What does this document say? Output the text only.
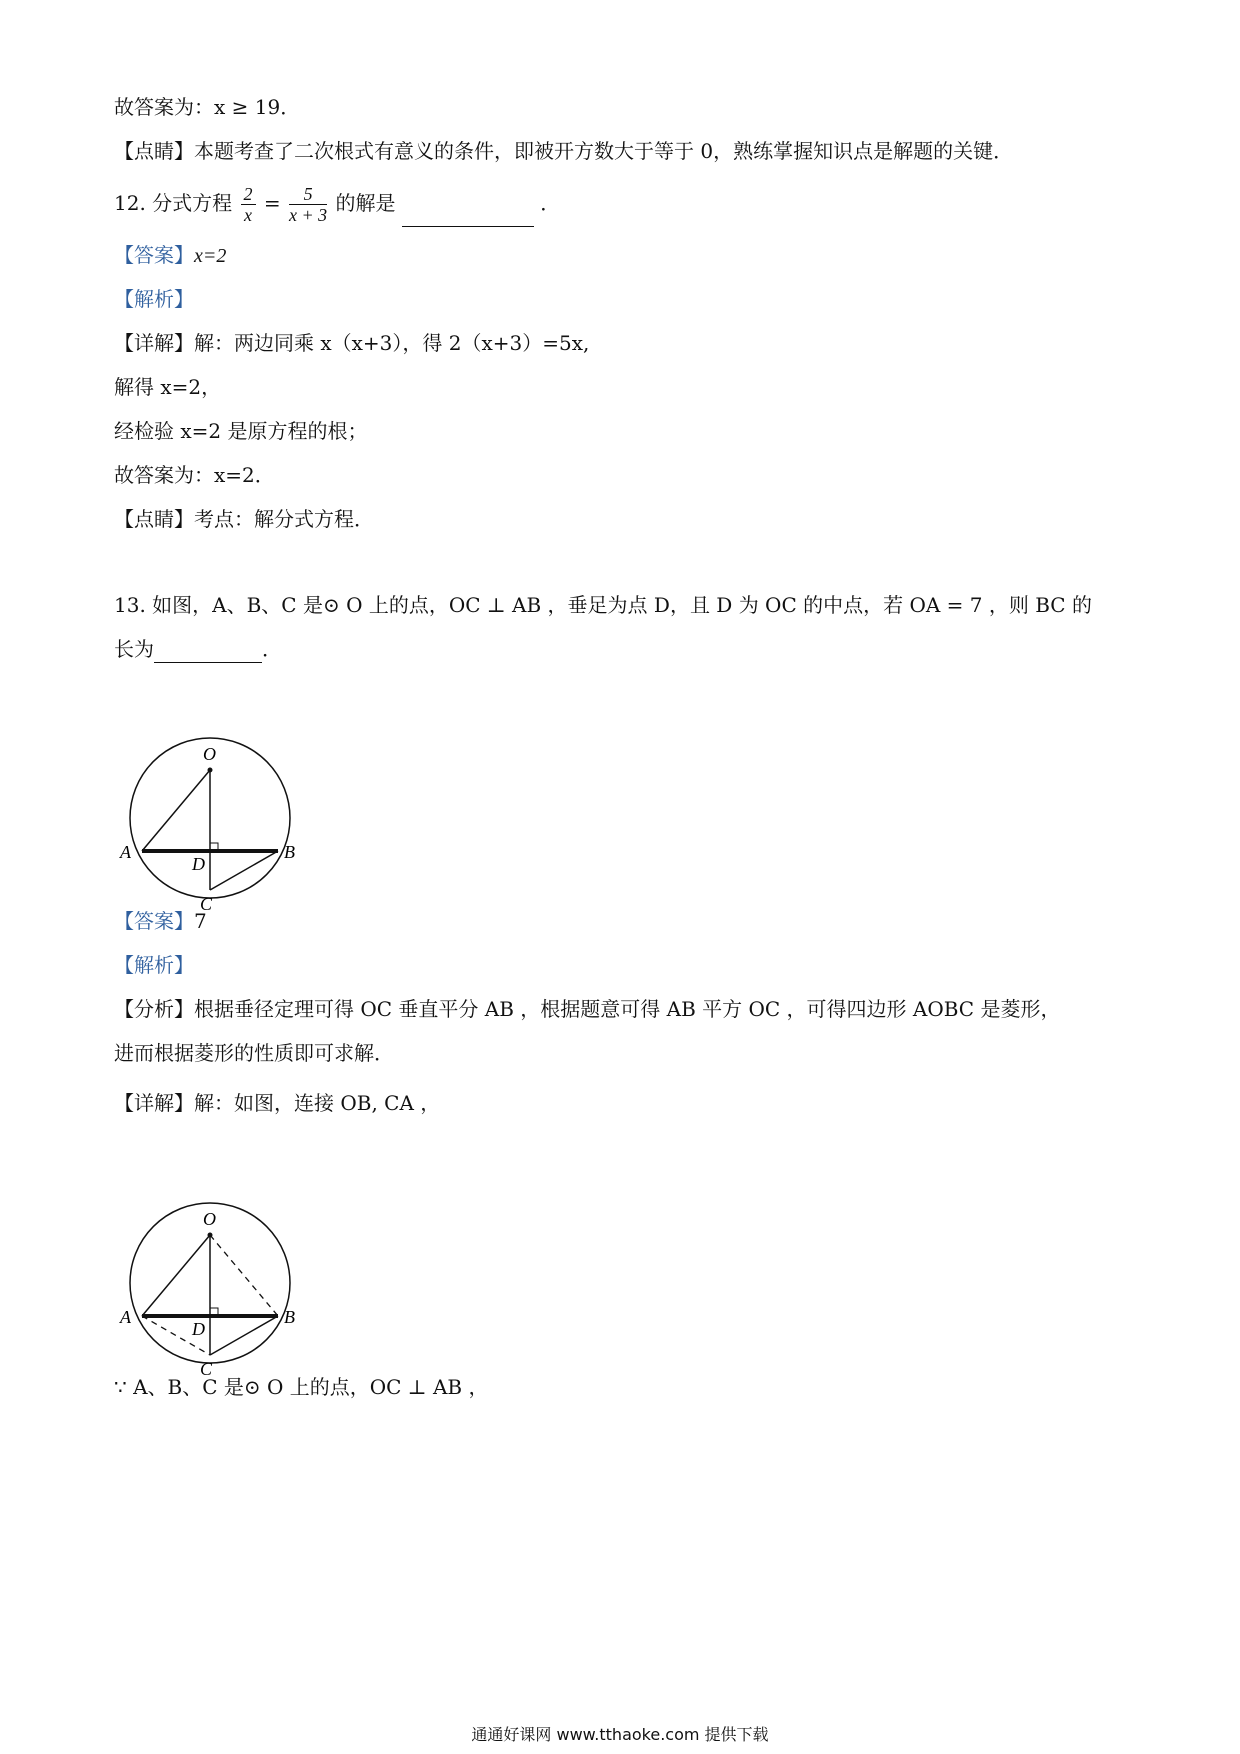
故答案为：x ≥ 19．
【点睛】本题考查了二次根式有意义的条件，即被开方数大于等于 0，熟练掌握知识点是解题的关键．
12. 分式方程 $\frac{2}{x} = \frac{5}{x + 3}$ 的解是	．
【答案】x=2
【解析】
【详解】解：两边同乘 x（x+3），得 2（x+3）=5x,
解得 x=2，
经检验 x=2 是原方程的根；
故答案为：x=2．
【点睛】考点：解分式方程．
13. 如图，A、B、C 是⊙ O 上的点，OC ⊥ AB ，垂足为点 D，且 D 为 OC 的中点，若 OA = 7 ，则 BC 的
长为	．
O
A	B
D
C
【答案】7
【解析】
【分析】根据垂径定理可得 OC 垂直平分 AB ，根据题意可得 AB 平方 OC ，可得四边形 AOBC 是菱形，
进而根据菱形的性质即可求解．
【详解】解：如图，连接 OB, CA ，
O
A	B
D
C
∵ A、B、C 是⊙ O 上的点，OC ⊥ AB ，
通通好课网 www.tthaoke.com 提供下载
